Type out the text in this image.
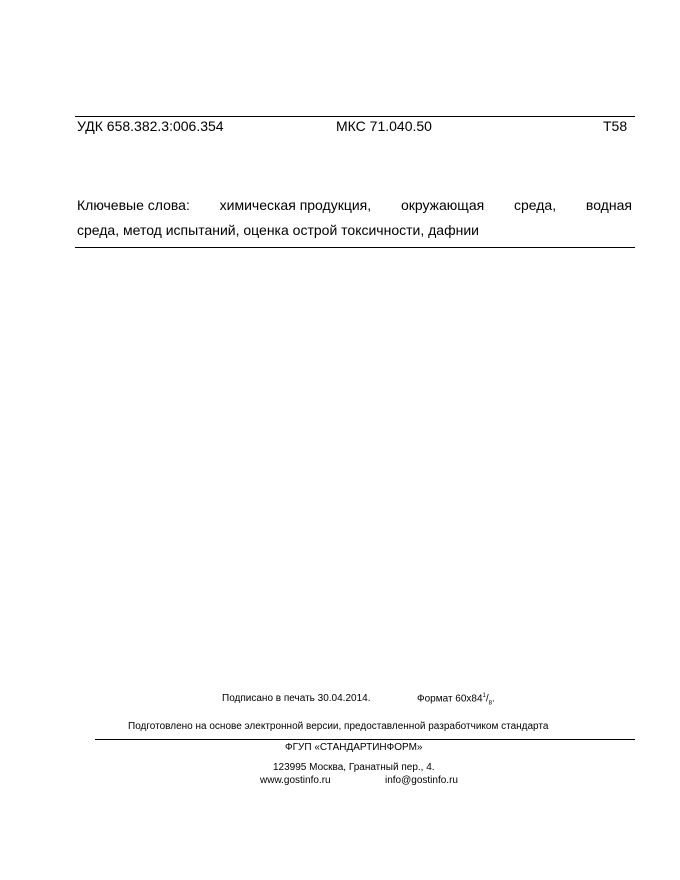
УДК 658.382.3:006.354	МКС 71.040.50	Т58
Ключевые слова: химическая продукция, окружающая среда, водная
среда, метод испытаний, оценка острой токсичности, дафнии
Подписано в печать 30.04.2014.	Формат $60x84^1/_8$.
Подготовлено на основе электронной версии, предоставленной разработчиком стандарта
ФГУП «СТАНДАРТИНФОРМ»
123995 Москва, Гранатный пер., 4.
www.gostinfo.ru	info@gostinfo.ru
